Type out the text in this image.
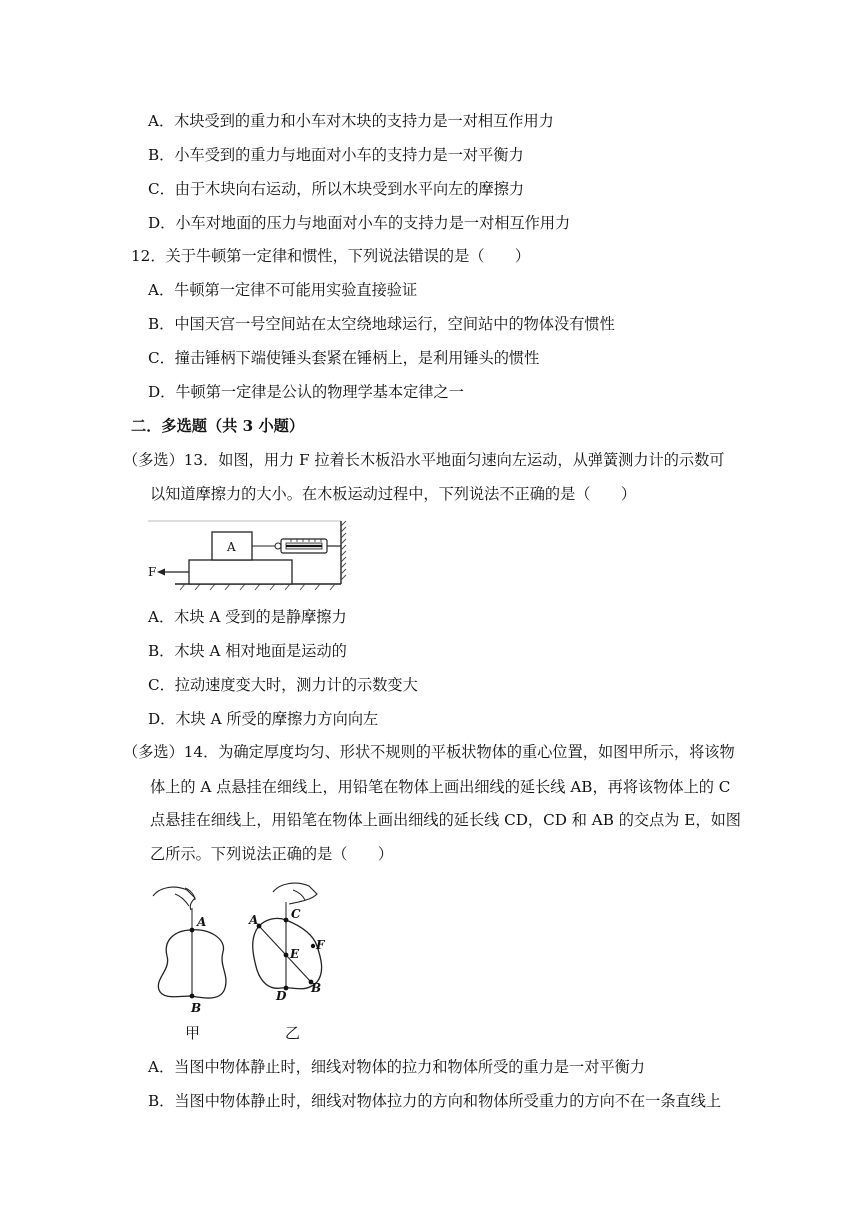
A．木块受到的重力和小车对木块的支持力是一对相互作用力
B．小车受到的重力与地面对小车的支持力是一对平衡力
C．由于木块向右运动，所以木块受到水平向左的摩擦力
D．小车对地面的压力与地面对小车的支持力是一对相互作用力
12．关于牛顿第一定律和惯性，下列说法错误的是（　　）
A．牛顿第一定律不可能用实验直接验证
B．中国天宫一号空间站在太空绕地球运行，空间站中的物体没有惯性
C．撞击锤柄下端使锤头套紧在锤柄上，是利用锤头的惯性
D．牛顿第一定律是公认的物理学基本定律之一
二．多选题（共 3 小题）
（多选）13．如图，用力 F 拉着长木板沿水平地面匀速向左运动，从弹簧测力计的示数可
以知道摩擦力的大小。在木板运动过程中，下列说法不正确的是（　　）
A
F
A．木块 A 受到的是静摩擦力
B．木块 A 相对地面是运动的
C．拉动速度变大时，测力计的示数变大
D．木块 A 所受的摩擦力方向向左
（多选）14．为确定厚度均匀、形状不规则的平板状物体的重心位置，如图甲所示，将该物
体上的 A 点悬挂在细线上，用铅笔在物体上画出细线的延长线 AB，再将该物体上的 C
点悬挂在细线上，用铅笔在物体上画出细线的延长线 CD，CD 和 AB 的交点为 E，如图
乙所示。下列说法正确的是（　　）
A
B
甲
A	C
E
F
D
B
乙
A．当图中物体静止时，细线对物体的拉力和物体所受的重力是一对平衡力
B．当图中物体静止时，细线对物体拉力的方向和物体所受重力的方向不在一条直线上
